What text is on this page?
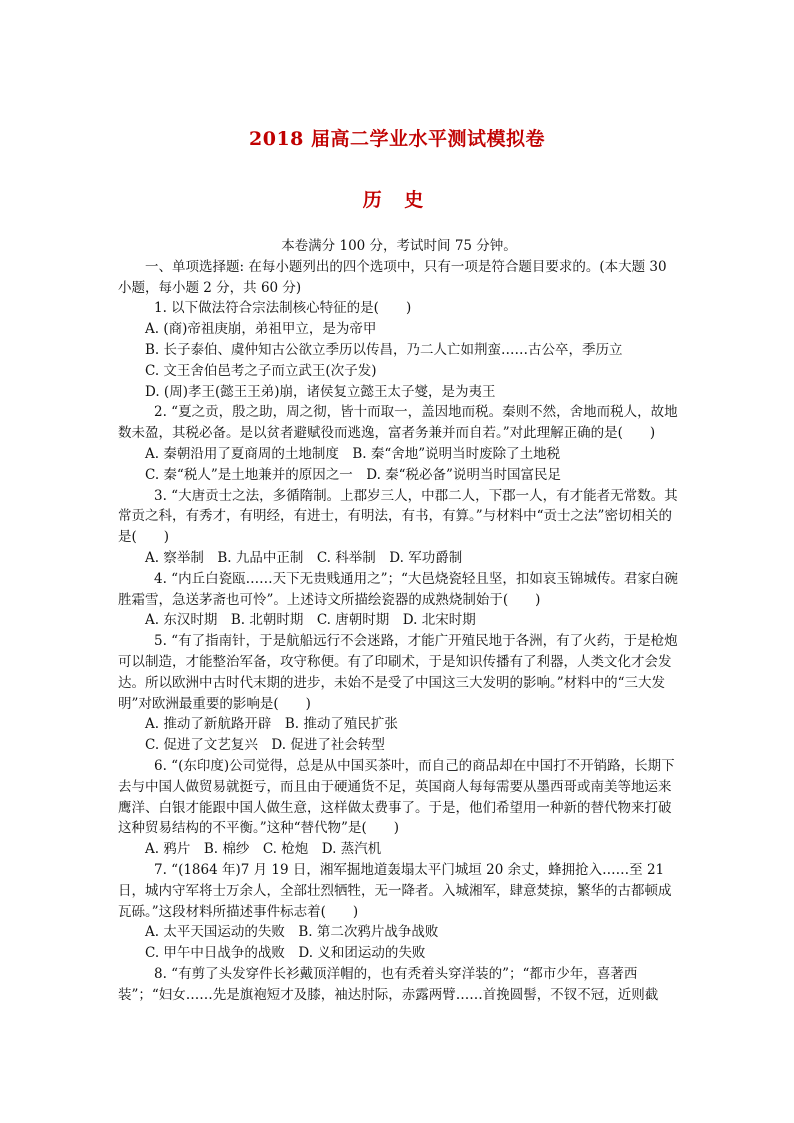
2018 届高二学业水平测试模拟卷
历 史

本卷满分 100 分，考试时间 75 分钟。

一、单项选择题: 在每小题列出的四个选项中，只有一项是符合题目要求的。(本大题 30 小题，每小题 2 分，共 60 分)

1. 以下做法符合宗法制核心特征的是(　　)

A. (商)帝祖庚崩，弟祖甲立，是为帝甲

B. 长子泰伯、虞仲知古公欲立季历以传昌，乃二人亡如荆蛮……古公卒，季历立

C. 文王舍伯邑考之子而立武王(次子发)

D. (周)孝王(懿王王弟)崩，诸侯复立懿王太子燮，是为夷王

2. “夏之贡，殷之助，周之彻，皆十而取一，盖因地而税。秦则不然，舍地而税人，故地数未盈，其税必备。是以贫者避赋役而逃逸，富者务兼并而自若。”对此理解正确的是(　　)

A. 秦朝沿用了夏商周的土地制度　B. 秦“舍地”说明当时废除了土地税

C. 秦“税人”是土地兼并的原因之一　D. 秦“税必备”说明当时国富民足

3. “大唐贡士之法，多循隋制。上郡岁三人，中郡二人，下郡一人，有才能者无常数。其常贡之科，有秀才，有明经，有进士，有明法，有书，有算。”与材料中“贡士之法”密切相关的是(　　)

A. 察举制　B. 九品中正制　C. 科举制　D. 军功爵制

4. “内丘白瓷瓯……天下无贵贱通用之”；“大邑烧瓷轻且坚，扣如哀玉锦城传。君家白碗胜霜雪，急送茅斋也可怜”。上述诗文所描绘瓷器的成熟烧制始于(　　)

A. 东汉时期　B. 北朝时期　C. 唐朝时期　D. 北宋时期

5. “有了指南针，于是航船远行不会迷路，才能广开殖民地于各洲，有了火药，于是枪炮可以制造，才能整治军备，攻守称便。有了印刷术，于是知识传播有了利器，人类文化才会发达。所以欧洲中古时代末期的进步，未始不是受了中国这三大发明的影响。”材料中的“三大发明”对欧洲最重要的影响是(　　)

A. 推动了新航路开辟　B. 推动了殖民扩张

C. 促进了文艺复兴　D. 促进了社会转型

6. “(东印度)公司觉得，总是从中国买茶叶，而自己的商品却在中国打不开销路，长期下去与中国人做贸易就挺亏，而且由于硬通货不足，英国商人每每需要从墨西哥或南美等地运来鹰洋、白银才能跟中国人做生意，这样做太费事了。于是，他们希望用一种新的替代物来打破这种贸易结构的不平衡。”这种“替代物”是(　　)

A. 鸦片　B. 棉纱　C. 枪炮　D. 蒸汽机

7. “(1864 年)7 月 19 日，湘军掘地道轰塌太平门城垣 20 余丈，蜂拥抢入……至 21 日，城内守军将士万余人，全部壮烈牺牲，无一降者。入城湘军，肆意焚掠，繁华的古都顿成瓦砾。”这段材料所描述事件标志着(　　)

A. 太平天国运动的失败　B. 第二次鸦片战争战败

C. 甲午中日战争的战败　D. 义和团运动的失败

8. “有剪了头发穿件长衫戴顶洋帽的，也有秃着头穿洋装的”；“都市少年，喜著西装”；“妇女……先是旗袍短才及膝，袖达肘际，赤露两臂……首挽圆髻，不钗不冠，近则截
